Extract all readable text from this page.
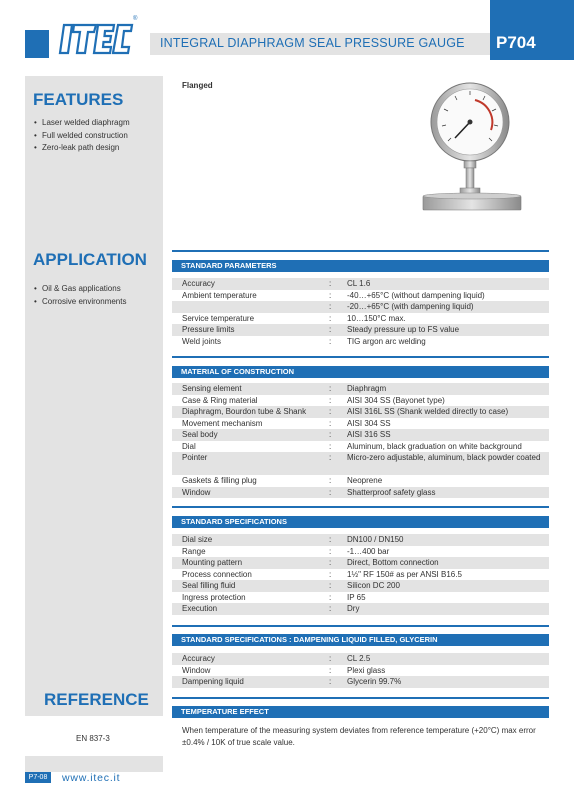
®
INTEGRAL DIAPHRAGM SEAL PRESSURE GAUGE P704
FEATURES
• Laser welded diaphragm
• Full welded construction
• Zero-leak path design
APPLICATION
• Oil & Gas applications
• Corrosive environments
REFERENCE
EN 837-3
P7-08	www.itec.it
Flanged
STANDARD PARAMETERS
Accuracy	: CL 1.6
Ambient temperature	: -40…+65°C (without dampening liquid)
: -20…+65°C (with dampening liquid)
Service temperature	: 10…150°C max.
Pressure limits	: Steady pressure up to FS value
Weld joints	: TIG argon arc welding
MATERIAL OF CONSTRUCTION
Sensing element	: Diaphragm
Case & Ring material	: AISI 304 SS (Bayonet type)
Diaphragm, Bourdon tube & Shank	: AISI 316L SS (Shank welded directly to case)
Movement mechanism	: AISI 304 SS
Seal body	: AISI 316 SS
Dial	: Aluminum, black graduation on white background
Pointer	: Micro-zero adjustable, aluminum, black powder coated
Gaskets & filling plug	: Neoprene
Window	: Shatterproof safety glass
STANDARD SPECIFICATIONS
Dial size	: DN100 / DN150
Range	: -1…400 bar
Mounting pattern	: Direct, Bottom connection
Process connection	: 1½" RF 150# as per ANSI B16.5
Seal filling fluid	: Silicon DC 200
Ingress protection	: IP 65
Execution	: Dry
STANDARD SPECIFICATIONS : DAMPENING LIQUID FILLED, GLYCERIN
Accuracy	: CL 2.5
Window	: Plexi glass
Dampening liquid	: Glycerin 99.7%
TEMPERATURE EFFECT

When temperature of the measuring system deviates from reference temperature (+20°C) max error ±0.4% / 10K of true scale value.
